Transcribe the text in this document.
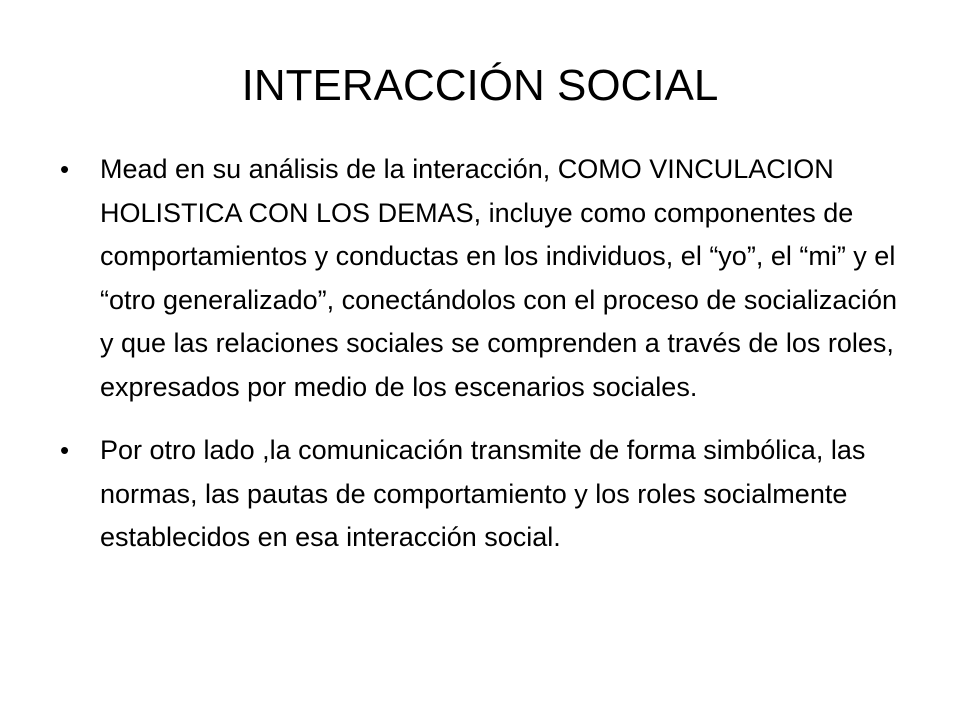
INTERACCIÓN SOCIAL
•	Mead en su análisis de la interacción, COMO VINCULACION HOLISTICA CON LOS DEMAS, incluye como componentes de comportamientos y conductas en los individuos, el “yo”, el “mi” y el “otro generalizado”, conectándolos con el proceso de socialización y que las relaciones sociales se comprenden a través de los roles, expresados por medio de los escenarios sociales.
•	Por otro lado ,la comunicación transmite de forma simbólica, las normas, las pautas de comportamiento y los roles socialmente establecidos en esa interacción social.
